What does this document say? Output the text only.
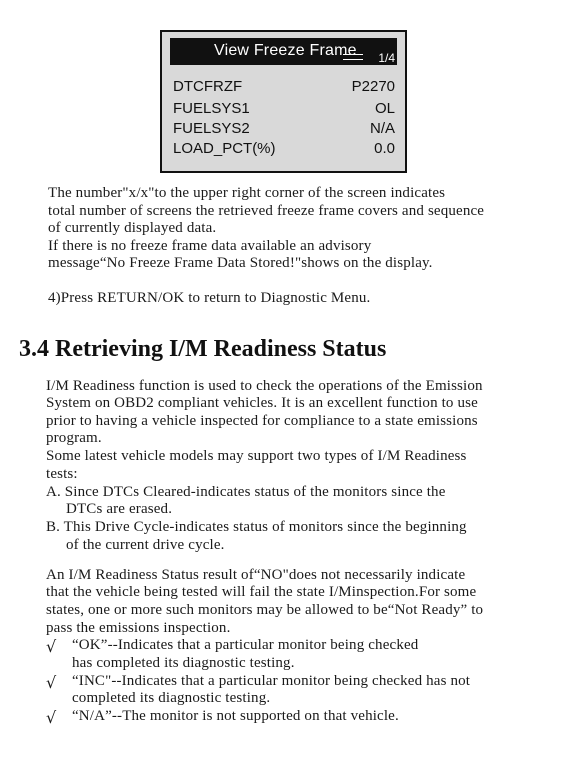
View Freeze Frame 1/4
DTCFRZF	P2270
FUELSYS1	OL
FUELSYS2	N/A
LOAD_PCT(%)	0.0
The number"x/x"to the upper right corner of the screen indicates
total number of screens the retrieved freeze frame covers and sequence
of currently displayed data.
If there is no freeze frame data available an advisory
message“No Freeze Frame Data Stored!"shows on the display.
4)Press RETURN/OK to return to Diagnostic Menu.
3.4 Retrieving I/M Readiness Status
I/M Readiness function is used to check the operations of the Emission
System on OBD2 compliant vehicles. It is an excellent function to use
prior to having a vehicle inspected for compliance to a state emissions
program.
Some latest vehicle models may support two types of I/M Readiness
tests:
A. Since DTCs Cleared-indicates status of the monitors since the
DTCs are erased.
B. This Drive Cycle-indicates status of monitors since the beginning
of the current drive cycle.
An I/M Readiness Status result of“NO"does not necessarily indicate
that the vehicle being tested will fail the state I/Minspection.For some
states, one or more such monitors may be allowed to be“Not Ready” to
pass the emissions inspection.
√ “OK”--Indicates that a particular monitor being checked
has completed its diagnostic testing.
√ “INC"--Indicates that a particular monitor being checked has not
completed its diagnostic testing.
√ “N/A”--The monitor is not supported on that vehicle.
